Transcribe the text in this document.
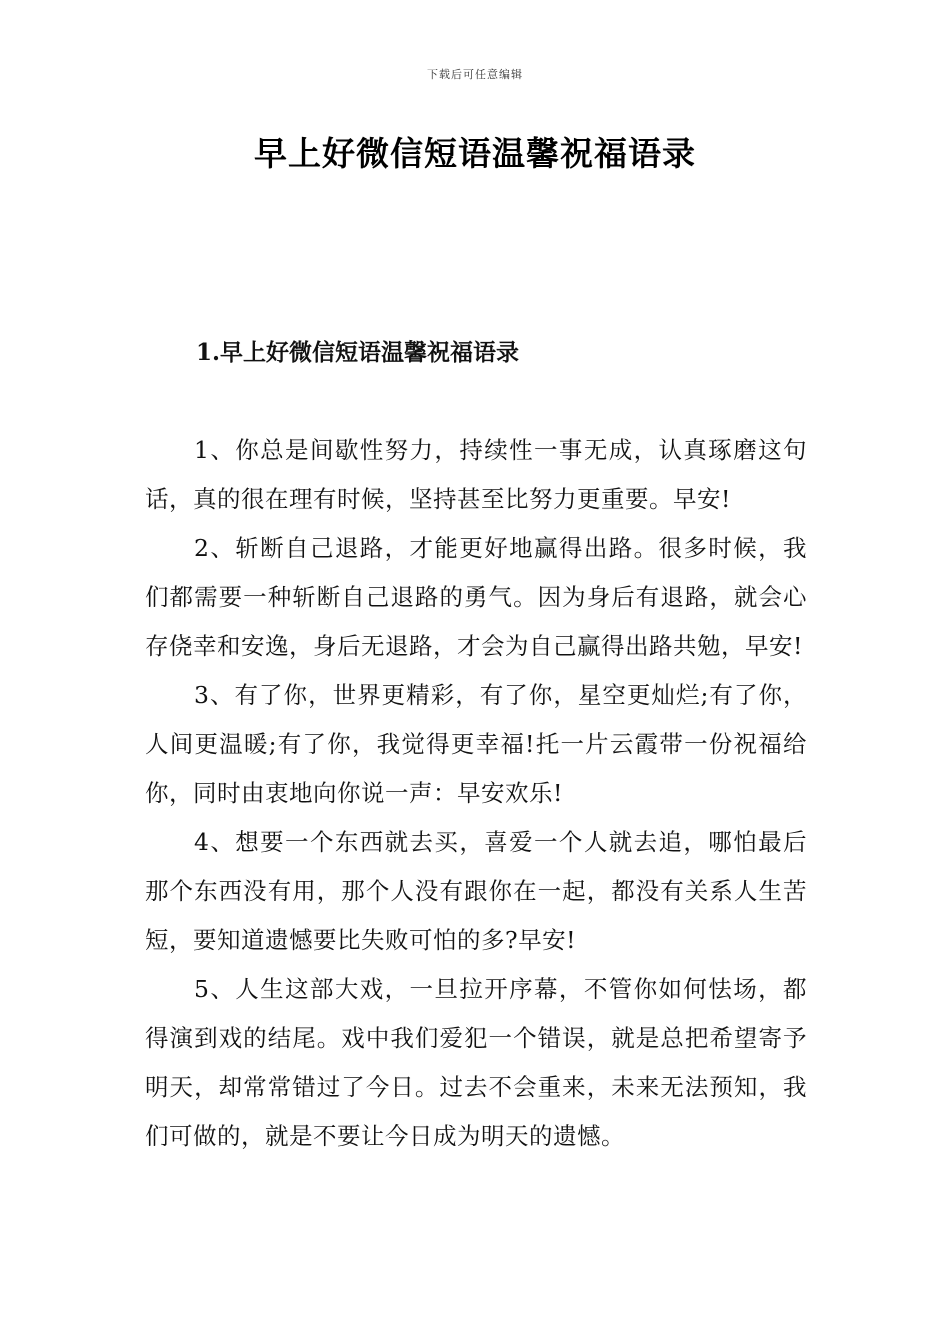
下载后可任意编辑
早上好微信短语温馨祝福语录
1.早上好微信短语温馨祝福语录

1、你总是间歇性努力，持续性一事无成，认真琢磨这句话，真的很在理有时候，坚持甚至比努力更重要。早安!

2、斩断自己退路，才能更好地赢得出路。很多时候，我们都需要一种斩断自己退路的勇气。因为身后有退路，就会心存侥幸和安逸，身后无退路，才会为自己赢得出路共勉，早安!

3、有了你，世界更精彩，有了你，星空更灿烂;有了你，人间更温暖;有了你，我觉得更幸福!托一片云霞带一份祝福给你，同时由衷地向你说一声：早安欢乐!

4、想要一个东西就去买，喜爱一个人就去追，哪怕最后那个东西没有用，那个人没有跟你在一起，都没有关系人生苦短，要知道遗憾要比失败可怕的多?早安!

5、人生这部大戏，一旦拉开序幕，不管你如何怯场，都得演到戏的结尾。戏中我们爱犯一个错误，就是总把希望寄予明天，却常常错过了今日。过去不会重来，未来无法预知，我们可做的，就是不要让今日成为明天的遗憾。
